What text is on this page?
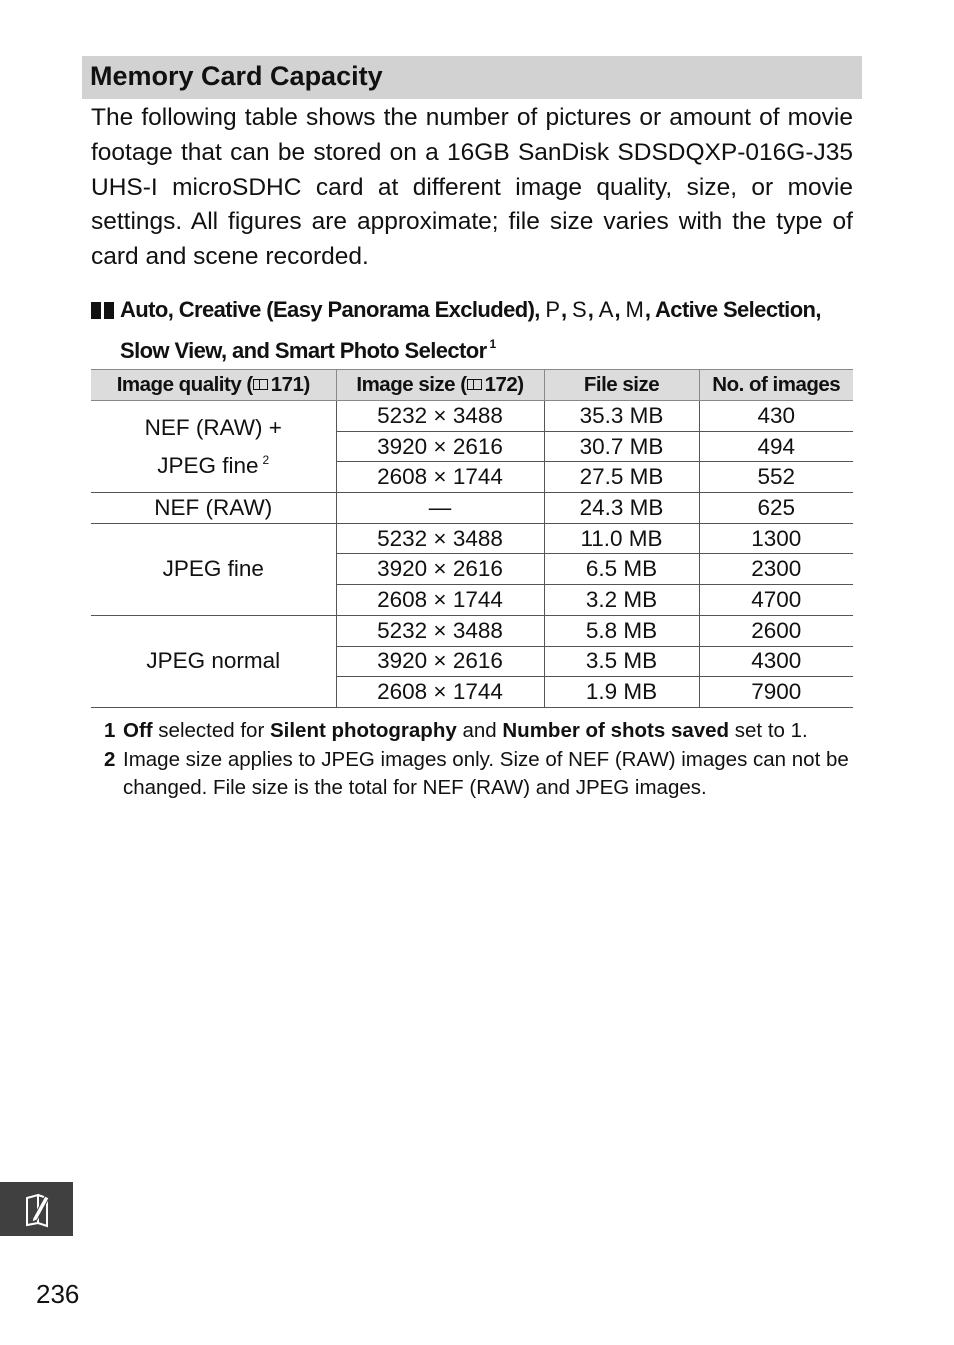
Memory Card Capacity

The following table shows the number of pictures or amount of movie footage that can be stored on a 16GB SanDisk SDSDQXP-016G-J35 UHS-I microSDHC card at different image quality, size, or movie settings. All figures are approximate; file size varies with the type of card and scene recorded.

Auto, Creative (Easy Panorama Excluded), P, S, A, M, Active Selection,
Slow View, and Smart Photo Selector $^1$
Image quality ( 171)	Image size ( 172)	File size	No. of images
NEF (RAW) +
JPEG fine $^2$	5232 × 3488	35.3 MB	430
	3920 × 2616	30.7 MB	494
	2608 × 1744	27.5 MB	552
NEF (RAW)	—	24.3 MB	625
JPEG fine	5232 × 3488	11.0 MB	1300
	3920 × 2616	6.5 MB	2300
	2608 × 1744	3.2 MB	4700
JPEG normal	5232 × 3488	5.8 MB	2600
	3920 × 2616	3.5 MB	4300
	2608 × 1744	1.9 MB	7900
1 Off selected for Silent photography and Number of shots saved set to 1.
2 Image size applies to JPEG images only. Size of NEF (RAW) images can not be changed. File size is the total for NEF (RAW) and JPEG images.
236
